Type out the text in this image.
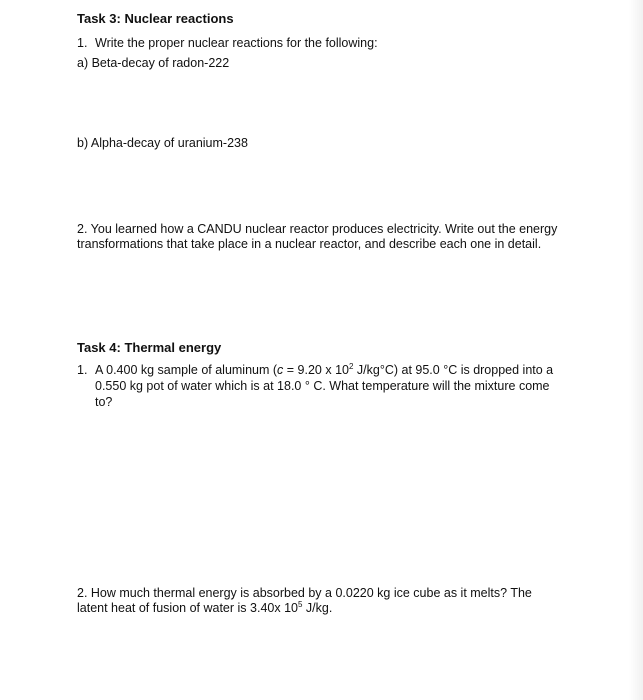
Task 3: Nuclear reactions
1. Write the proper nuclear reactions for the following:
a) Beta-decay of radon-222
b) Alpha-decay of uranium-238
2. You learned how a CANDU nuclear reactor produces electricity. Write out the energy
transformations that take place in a nuclear reactor, and describe each one in detail.
Task 4: Thermal energy
1. A 0.400 kg sample of aluminum (c = 9.20 x $10^2$ J/kg°C) at 95.0 °C is dropped into a
0.550 kg pot of water which is at 18.0 ° C. What temperature will the mixture come
to?
2. How much thermal energy is absorbed by a 0.0220 kg ice cube as it melts? The
latent heat of fusion of water is 3.40x $10^5$ J/kg.
